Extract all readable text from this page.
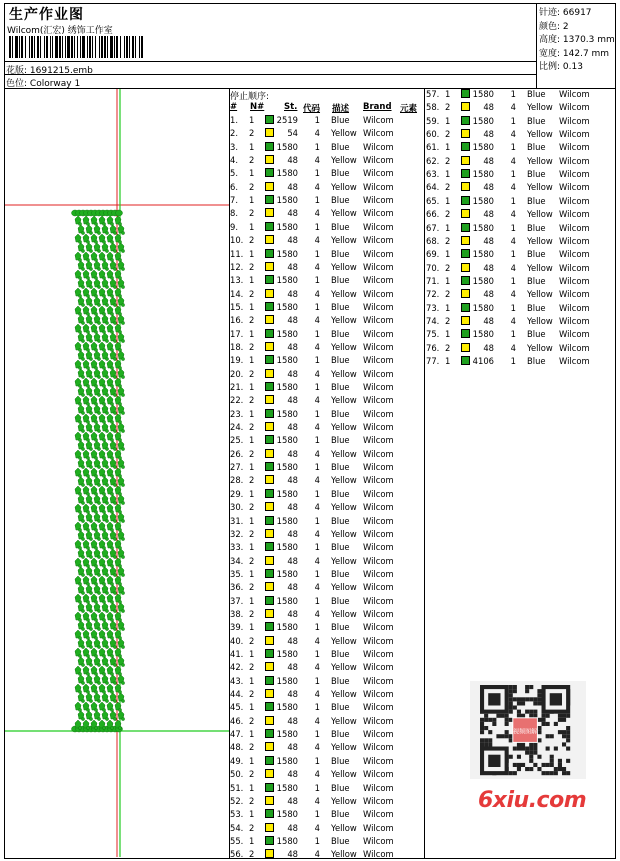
生产作业图
Wilcom(汇宏) 绣饰工作室
花版: 1691215.emb
色位: Colorway 1
针迹: 66917
颜色: 2
高度: 1370.3 mm
宽度: 142.7 mm
比例: 0.13
停止顺序:
# N# St. 代码 描述 Brand 元素
1. 1	2519	1 Blue Wilcom
2. 2	54	4 Yellow Wilcom
3. 1	1580	1 Blue Wilcom
4. 2	48	4 Yellow Wilcom
5. 1	1580	1 Blue Wilcom
6. 2	48	4 Yellow Wilcom
7. 1	1580	1 Blue Wilcom
8. 2	48	4 Yellow Wilcom
9. 1	1580	1 Blue Wilcom
10. 2	48	4 Yellow Wilcom
11. 1	1580	1 Blue Wilcom
12. 2	48	4 Yellow Wilcom
13. 1	1580	1 Blue Wilcom
14. 2	48	4 Yellow Wilcom
15. 1	1580	1 Blue Wilcom
16. 2	48	4 Yellow Wilcom
17. 1	1580	1 Blue Wilcom
18. 2	48	4 Yellow Wilcom
19. 1	1580	1 Blue Wilcom
20. 2	48	4 Yellow Wilcom
21. 1	1580	1 Blue Wilcom
22. 2	48	4 Yellow Wilcom
23. 1	1580	1 Blue Wilcom
24. 2	48	4 Yellow Wilcom
25. 1	1580	1 Blue Wilcom
26. 2	48	4 Yellow Wilcom
27. 1	1580	1 Blue Wilcom
28. 2	48	4 Yellow Wilcom
29. 1	1580	1 Blue Wilcom
30. 2	48	4 Yellow Wilcom
31. 1	1580	1 Blue Wilcom
32. 2	48	4 Yellow Wilcom
33. 1	1580	1 Blue Wilcom
34. 2	48	4 Yellow Wilcom
35. 1	1580	1 Blue Wilcom
36. 2	48	4 Yellow Wilcom
37. 1	1580	1 Blue Wilcom
38. 2	48	4 Yellow Wilcom
39. 1	1580	1 Blue Wilcom
40. 2	48	4 Yellow Wilcom
41. 1	1580	1 Blue Wilcom
42. 2	48	4 Yellow Wilcom
43. 1	1580	1 Blue Wilcom
44. 2	48	4 Yellow Wilcom
45. 1	1580	1 Blue Wilcom
46. 2	48	4 Yellow Wilcom
47. 1	1580	1 Blue Wilcom
48. 2	48	4 Yellow Wilcom
49. 1	1580	1 Blue Wilcom
50. 2	48	4 Yellow Wilcom
51. 1	1580	1 Blue Wilcom
52. 2	48	4 Yellow Wilcom
53. 1	1580	1 Blue Wilcom
54. 2	48	4 Yellow Wilcom
55. 1	1580	1 Blue Wilcom
56. 2	48	4 Yellow Wilcom
57. 1	1580	1 Blue Wilcom
58. 2	48	4 Yellow Wilcom
59. 1	1580	1 Blue Wilcom
60. 2	48	4 Yellow Wilcom
61. 1	1580	1 Blue Wilcom
62. 2	48	4 Yellow Wilcom
63. 1	1580	1 Blue Wilcom
64. 2	48	4 Yellow Wilcom
65. 1	1580	1 Blue Wilcom
66. 2	48	4 Yellow Wilcom
67. 1	1580	1 Blue Wilcom
68. 2	48	4 Yellow Wilcom
69. 1	1580	1 Blue Wilcom
70. 2	48	4 Yellow Wilcom
71. 1	1580	1 Blue Wilcom
72. 2	48	4 Yellow Wilcom
73. 1	1580	1 Blue Wilcom
74. 2	48	4 Yellow Wilcom
75. 1	1580	1 Blue Wilcom
76. 2	48	4 Yellow Wilcom
77. 1	4106	1 Blue Wilcom
视频图解
6xiu.com
